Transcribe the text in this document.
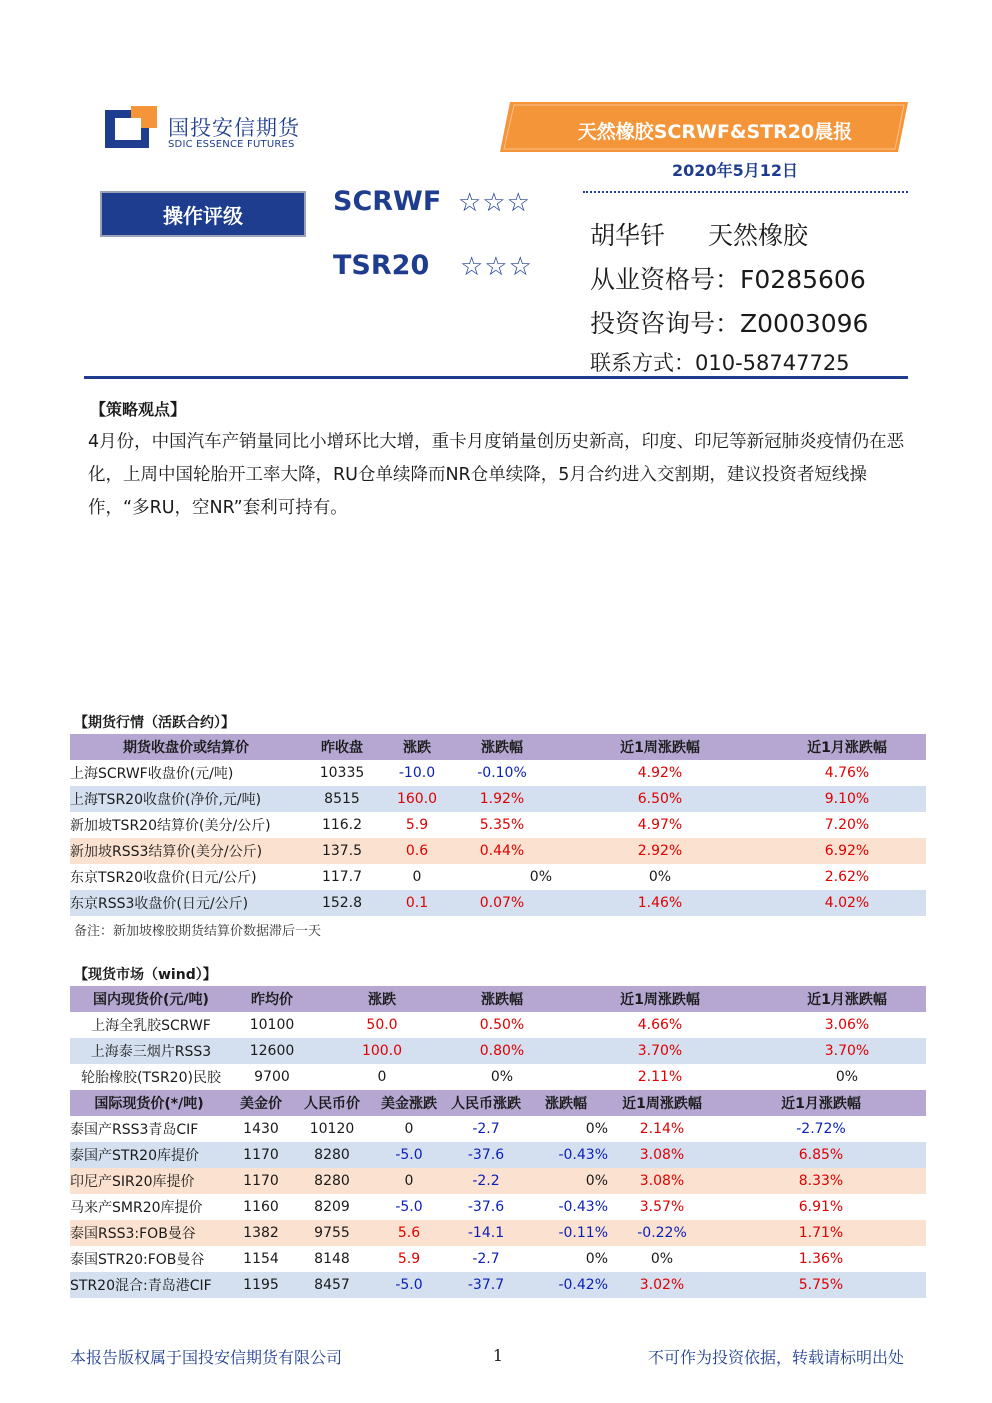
国投安信期货
SDIC ESSENCE FUTURES
天然橡胶SCRWF&STR20晨报
2020年5月12日
操作评级	SCRWF ☆☆☆
TSR20 ☆☆☆
胡华钎 天然橡胶
从业资格号：F0285606
投资咨询号：Z0003096
联系方式：010-58747725
【策略观点】
4月份，中国汽车产销量同比小增环比大增，重卡月度销量创历史新高，印度、印尼等新冠肺炎疫情仍在恶化，上周中国轮胎开工率大降，RU仓单续降而NR仓单续降，5月合约进入交割期，建议投资者短线操作，“多RU，空NR”套利可持有。
【期货行情（活跃合约）】
期货收盘价或结算价	昨收盘	涨跌	涨跌幅	近1周涨跌幅	近1月涨跌幅
上海SCRWF收盘价(元/吨)	10335	-10.0	-0.10%	4.92%	4.76%
上海TSR20收盘价(净价,元/吨)	8515	160.0	1.92%	6.50%	9.10%
新加坡TSR20结算价(美分/公斤)	116.2	5.9	5.35%	4.97%	7.20%
新加坡RSS3结算价(美分/公斤)	137.5	0.6	0.44%	2.92%	6.92%
东京TSR20收盘价(日元/公斤)	117.7	0	0%	0%	2.62%
东京RSS3收盘价(日元/公斤)	152.8	0.1	0.07%	1.46%	4.02%
备注：新加坡橡胶期货结算价数据滞后一天
【现货市场（wind）】
国内现货价(元/吨)	昨均价	涨跌	涨跌幅	近1周涨跌幅	近1月涨跌幅
上海全乳胶SCRWF	10100	50.0	0.50%	4.66%	3.06%
上海泰三烟片RSS3	12600	100.0	0.80%	3.70%	3.70%
轮胎橡胶(TSR20)民胶	9700	0	0%	2.11%	0%
国际现货价(*/吨)	美金价	人民币价	美金涨跌	人民币涨跌	涨跌幅	近1周涨跌幅	近1月涨跌幅
泰国产RSS3青岛CIF	1430	10120	0	-2.7	0%	2.14%	-2.72%
泰国产STR20库提价	1170	8280	-5.0	-37.6	-0.43%	3.08%	6.85%
印尼产SIR20库提价	1170	8280	0	-2.2	0%	3.08%	8.33%
马来产SMR20库提价	1160	8209	-5.0	-37.6	-0.43%	3.57%	6.91%
泰国RSS3:FOB曼谷	1382	9755	5.6	-14.1	-0.11%	-0.22%	1.71%
泰国STR20:FOB曼谷	1154	8148	5.9	-2.7	0%	0%	1.36%
STR20混合:青岛港CIF	1195	8457	-5.0	-37.7	-0.42%	3.02%	5.75%
本报告版权属于国投安信期货有限公司	1	不可作为投资依据，转载请标明出处
